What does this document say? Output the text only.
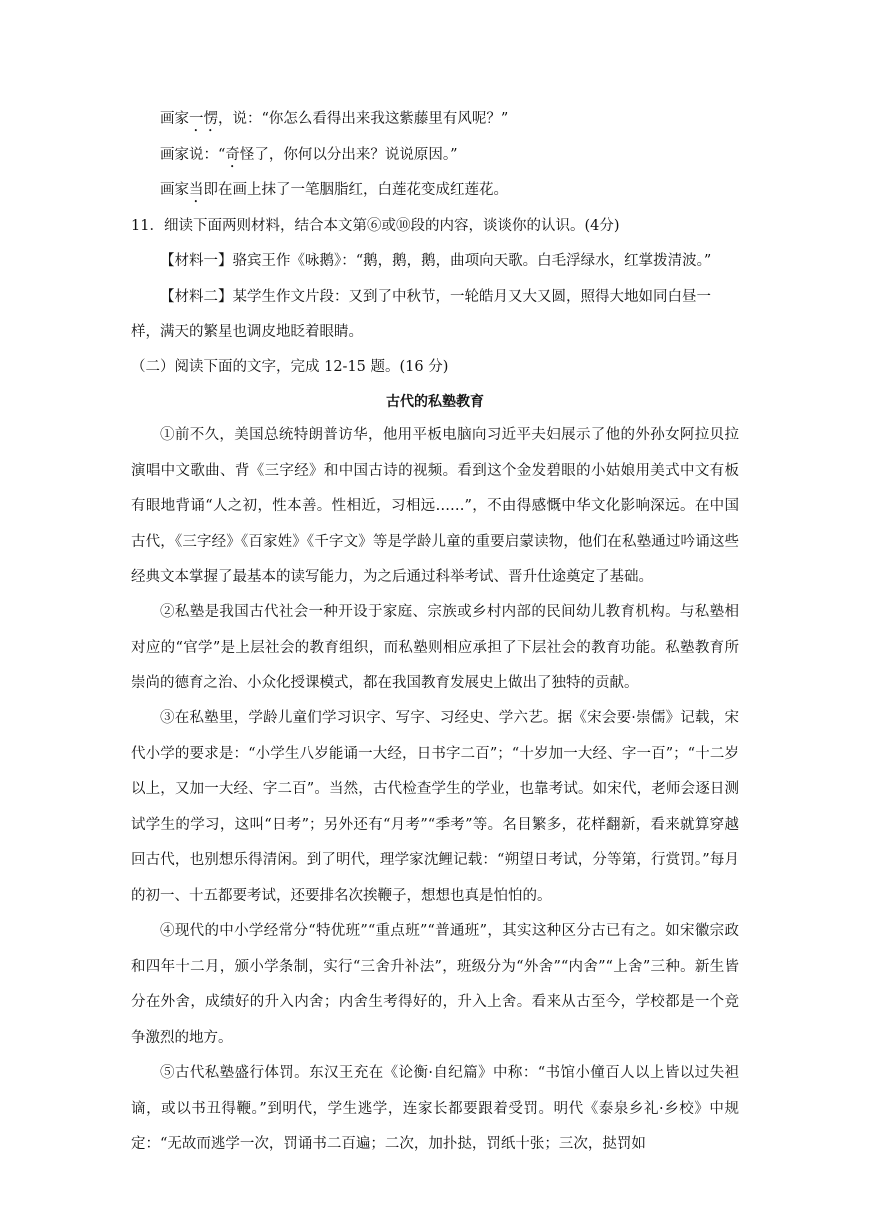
画家一愣，说：“你怎么看得出来我这紫藤里有风呢？”
画家说：“奇怪了，你何以分出来？说说原因。”
画家当即在画上抹了一笔胭脂红，白莲花变成红莲花。
11．细读下面两则材料，结合本文第⑥或⑩段的内容，谈谈你的认识。(4分)
【材料一】骆宾王作《咏鹅》：“鹅，鹅，鹅，曲项向天歌。白毛浮绿水，红掌拨清波。”
【材料二】某学生作文片段：又到了中秋节，一轮皓月又大又圆，照得大地如同白昼一
样，满天的繁星也调皮地眨着眼睛。
（二）阅读下面的文字，完成 12-15 题。(16 分)
古代的私塾教育

①前不久，美国总统特朗普访华，他用平板电脑向习近平夫妇展示了他的外孙女阿拉贝拉演唱中文歌曲、背《三字经》和中国古诗的视频。看到这个金发碧眼的小姑娘用美式中文有板有眼地背诵“人之初，性本善。性相近，习相远……”，不由得感慨中华文化影响深远。在中国古代，《三字经》《百家姓》《千字文》等是学龄儿童的重要启蒙读物，他们在私塾通过吟诵这些经典文本掌握了最基本的读写能力，为之后通过科举考试、晋升仕途奠定了基础。

②私塾是我国古代社会一种开设于家庭、宗族或乡村内部的民间幼儿教育机构。与私塾相对应的“官学”是上层社会的教育组织，而私塾则相应承担了下层社会的教育功能。私塾教育所崇尚的德育之治、小众化授课模式，都在我国教育发展史上做出了独特的贡献。

③在私塾里，学龄儿童们学习识字、写字、习经史、学六艺。据《宋会要·崇儒》记载，宋代小学的要求是：“小学生八岁能诵一大经，日书字二百”；“十岁加一大经、字一百”；“十二岁以上，又加一大经、字二百”。当然，古代检查学生的学业，也靠考试。如宋代，老师会逐日测试学生的学习，这叫“日考”；另外还有“月考”“季考”等。名目繁多，花样翻新，看来就算穿越回古代，也别想乐得清闲。到了明代，理学家沈鲤记载：“朔望日考试，分等第，行赏罚。”每月的初一、十五都要考试，还要排名次挨鞭子，想想也真是怕怕的。

④现代的中小学经常分“特优班”“重点班”“普通班”，其实这种区分古已有之。如宋徽宗政和四年十二月，颁小学条制，实行“三舍升补法”，班级分为“外舍”“内舍”“上舍”三种。新生皆分在外舍，成绩好的升入内舍；内舍生考得好的，升入上舍。看来从古至今，学校都是一个竞争激烈的地方。

⑤古代私塾盛行体罚。东汉王充在《论衡·自纪篇》中称：“书馆小僮百人以上皆以过失袒谪，或以书丑得鞭。”到明代，学生逃学，连家长都要跟着受罚。明代《泰泉乡礼·乡校》中规定：“无故而逃学一次，罚诵书二百遍；二次，加扑挞，罚纸十张；三次，挞罚如
